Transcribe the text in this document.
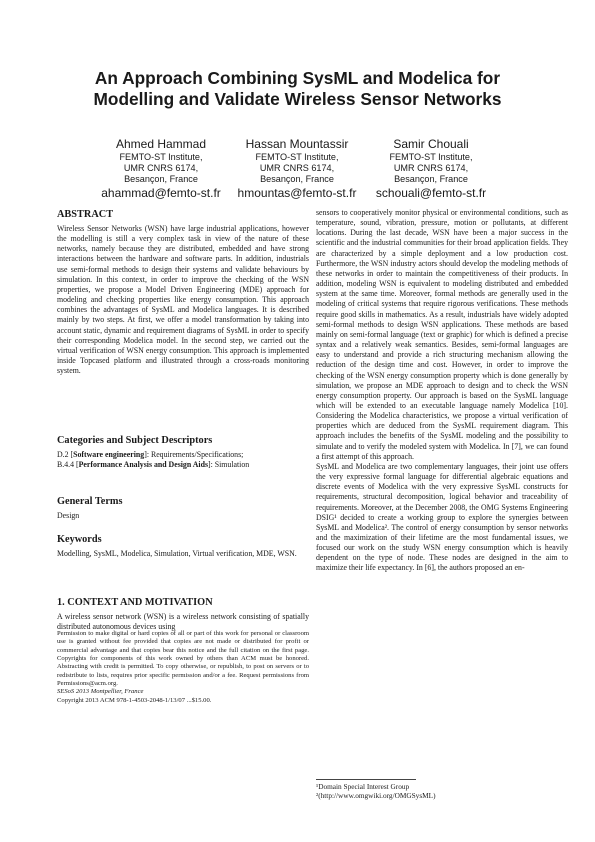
An Approach Combining SysML and Modelica for
Modelling and Validate Wireless Sensor Networks
Ahmed Hammad
FEMTO-ST Institute,
UMR CNRS 6174,
Besançon, France
ahammad@femto-st.fr
Hassan Mountassir
FEMTO-ST Institute,
UMR CNRS 6174,
Besançon, France
hmountas@femto-st.fr
Samir Chouali
FEMTO-ST Institute,
UMR CNRS 6174,
Besançon, France
schouali@femto-st.fr
ABSTRACT

Wireless Sensor Networks (WSN) have large industrial applications, however the modelling is still a very complex task in view of the nature of these networks, namely because they are distributed, embedded and have strong interactions between the hardware and software parts. In addition, industrials use semi-formal methods to design their systems and validate behaviours by simulation. In this context, in order to improve the checking of the WSN properties, we propose a Model Driven Engineering (MDE) approach for modeling and checking properties like energy consumption. This approach combines the advantages of SysML and Modelica languages. It is described mainly by two steps. At first, we offer a model transformation by taking into account static, dynamic and requirement diagrams of SysML in order to specify their corresponding Modelica model. In the second step, we carried out the virtual verification of WSN energy consumption. This approach is implemented inside Topcased platform and illustrated through a cross-roads monitoring system.

Categories and Subject Descriptors

D.2 [Software engineering]: Requirements/Specifications;
B.4.4 [Performance Analysis and Design Aids]: Simulation

General Terms

Design

Keywords

Modelling, SysML, Modelica, Simulation, Virtual verification, MDE, WSN.

1. CONTEXT AND MOTIVATION

A wireless sensor network (WSN) is a wireless network consisting of spatially distributed autonomous devices using

Permission to make digital or hard copies of all or part of this work for personal or classroom use is granted without fee provided that copies are not made or distributed for profit or commercial advantage and that copies bear this notice and the full citation on the first page. Copyrights for components of this work owned by others than ACM must be honored. Abstracting with credit is permitted. To copy otherwise, or republish, to post on servers or to redistribute to lists, requires prior specific permission and/or a fee. Request permissions from Permissions@acm.org.

SESoS 2013 Montpellier, France

Copyright 2013 ACM 978-1-4503-2048-1/13/07 ...$15.00.

sensors to cooperatively monitor physical or environmental conditions, such as temperature, sound, vibration, pressure, motion or pollutants, at different locations. During the last decade, WSN have been a major success in the scientific and the industrial communities for their broad application fields. They are characterized by a simple deployment and a low production cost. Furthermore, the WSN industry actors should develop the modeling methods of these networks in order to maintain the competitiveness of their products. In addition, modeling WSN is equivalent to modeling distributed and embedded system at the same time. Moreover, formal methods are generally used in the modeling of critical systems that require rigorous verifications. These methods require good skills in mathematics. As a result, industrials have widely adopted semi-formal methods to design WSN applications. These methods are based mainly on semi-formal language (text or graphic) for which is defined a precise syntax and a relatively weak semantics. Besides, semi-formal languages are easy to understand and provide a rich structuring mechanism allowing the reduction of the design time and cost. However, in order to improve the checking of the WSN energy consumption property which is done generally by simulation, we propose an MDE approach to design and to check the WSN energy consumption property. Our approach is based on the SysML language which will be extended to an executable language namely Modelica [10]. Considering the Modelica characteristics, we propose a virtual verification of properties which are deduced from the SysML requirement diagram. This approach includes the benefits of the SysML modeling and the possibility to simulate and to verify the modeled system with Modelica. In [7], we can found a first attempt of this approach.

SysML and Modelica are two complementary languages, their joint use offers the very expressive formal language for differential algebraic equations and discrete events of Modelica with the very expressive SysML constructs for requirements, structural decomposition, logical behavior and traceability of requirements. Moreover, at the December 2008, the OMG Systems Engineering DSIG¹ decided to create a working group to explore the synergies between SysML and Modelica². The control of energy consumption by sensor networks and the maximization of their lifetime are the most fundamental issues, we focused our work on the study WSN energy consumption which is heavily dependent on the type of node. These nodes are designed in the aim to maximize their life expectancy. In [6], the authors proposed an en-

¹Domain Special Interest Group
²(http://www.omgwiki.org/OMGSysML)
